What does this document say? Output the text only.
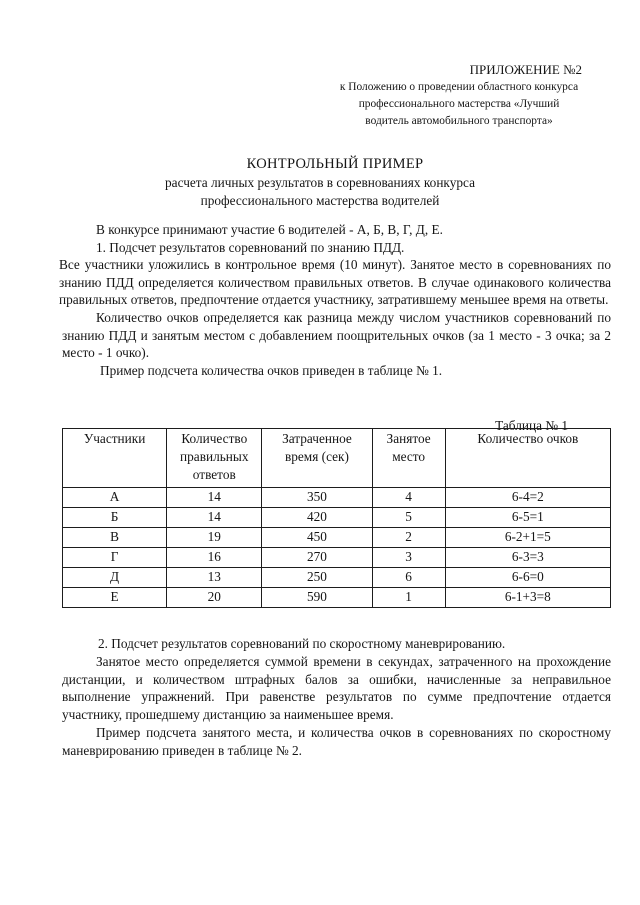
ПРИЛОЖЕНИЕ №2
к Положению о проведении областного конкурса
профессионального мастерства «Лучший
водитель автомобильного транспорта»
КОНТРОЛЬНЫЙ ПРИМЕР
расчета личных результатов в соревнованиях конкурса
профессионального мастерства водителей

В конкурсе принимают участие 6 водителей - А, Б, В, Г, Д, Е.

1. Подсчет результатов соревнований по знанию ПДД.

Все участники уложились в контрольное время (10 минут). Занятое место в соревнованиях по знанию ПДД определяется количеством правильных ответов. В случае одинакового количества правильных ответов, предпочтение отдается участнику, затратившему меньшее время на ответы.

Количество очков определяется как разница между числом участников соревнований по знанию ПДД и занятым местом с добавлением поощрительных очков (за 1 место - 3 очка; за 2 место - 1 очко).

Пример подсчета количества очков приведен в таблице № 1.

Таблица № 1
Участники	Количество правильных ответов	Затраченное время (сек)	Занятое место	Количество очков
А	14	350	4	6-4=2
Б	14	420	5	6-5=1
В	19	450	2	6-2+1=5
Г	16	270	3	6-3=3
Д	13	250	6	6-6=0
Е	20	590	1	6-1+3=8

2. Подсчет результатов соревнований по скоростному маневрированию.

Занятое место определяется суммой времени в секундах, затраченного на прохождение дистанции, и количеством штрафных балов за ошибки, начисленные за неправильное выполнение упражнений. При равенстве результатов по сумме предпочтение отдается участнику, прошедшему дистанцию за наименьшее время.

Пример подсчета занятого места, и количества очков в соревнованиях по скоростному маневрированию приведен в таблице № 2.
